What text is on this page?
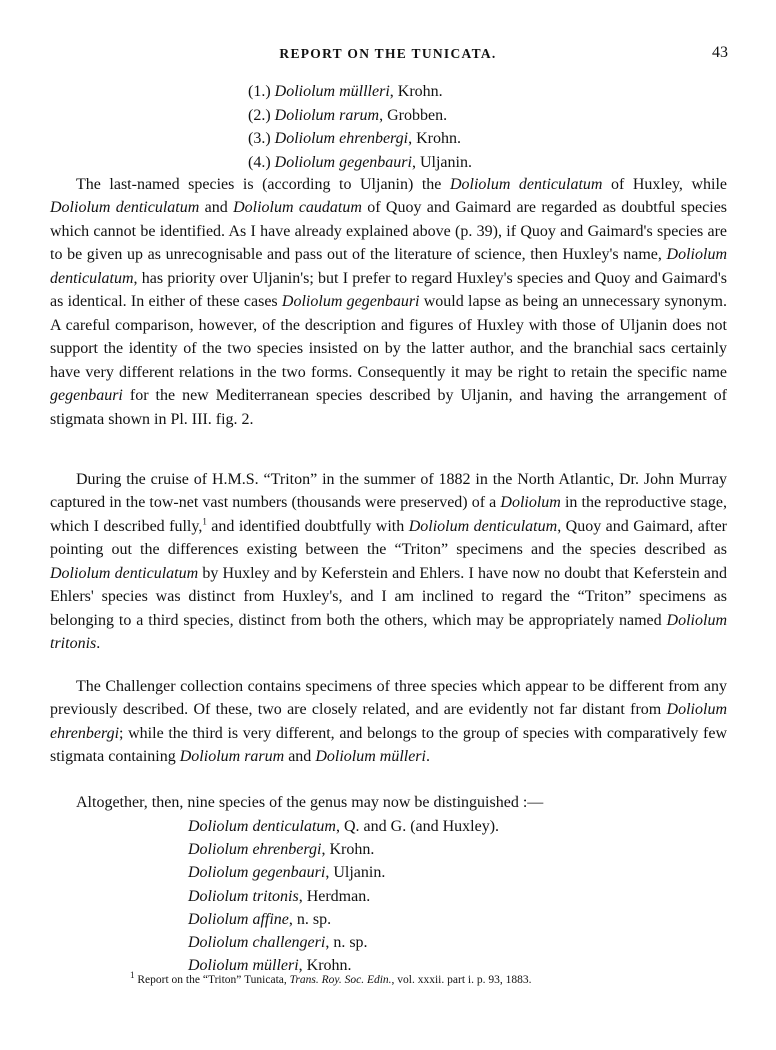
REPORT ON THE TUNICATA.	43
(1.) Doliolum müllleri, Krohn.
(2.) Doliolum rarum, Grobben.
(3.) Doliolum ehrenbergi, Krohn.
(4.) Doliolum gegenbauri, Uljanin.

The last-named species is (according to Uljanin) the Doliolum denticulatum of Huxley, while Doliolum denticulatum and Doliolum caudatum of Quoy and Gaimard are regarded as doubtful species which cannot be identified. As I have already explained above (p. 39), if Quoy and Gaimard's species are to be given up as unrecognisable and pass out of the literature of science, then Huxley's name, Doliolum denticulatum, has priority over Uljanin's; but I prefer to regard Huxley's species and Quoy and Gaimard's as identical. In either of these cases Doliolum gegenbauri would lapse as being an unnecessary synonym. A careful comparison, however, of the description and figures of Huxley with those of Uljanin does not support the identity of the two species insisted on by the latter author, and the branchial sacs certainly have very different relations in the two forms. Consequently it may be right to retain the specific name gegenbauri for the new Mediterranean species described by Uljanin, and having the arrangement of stigmata shown in Pl. III. fig. 2.

During the cruise of H.M.S. “Triton” in the summer of 1882 in the North Atlantic, Dr. John Murray captured in the tow-net vast numbers (thousands were preserved) of a Doliolum in the reproductive stage, which I described fully,$^1$ and identified doubtfully with Doliolum denticulatum, Quoy and Gaimard, after pointing out the differences existing between the “Triton” specimens and the species described as Doliolum denticulatum by Huxley and by Keferstein and Ehlers. I have now no doubt that Keferstein and Ehlers' species was distinct from Huxley's, and I am inclined to regard the “Triton” specimens as belonging to a third species, distinct from both the others, which may be appropriately named Doliolum tritonis.

The Challenger collection contains specimens of three species which appear to be different from any previously described. Of these, two are closely related, and are evidently not far distant from Doliolum ehrenbergi; while the third is very different, and belongs to the group of species with comparatively few stigmata containing Doliolum rarum and Doliolum mülleri.

Altogether, then, nine species of the genus may now be distinguished :—

Doliolum denticulatum, Q. and G. (and Huxley).
Doliolum ehrenbergi, Krohn.
Doliolum gegenbauri, Uljanin.
Doliolum tritonis, Herdman.
Doliolum affine, n. sp.
Doliolum challengeri, n. sp.
Doliolum mülleri, Krohn.
$^1$ Report on the “Triton” Tunicata, Trans. Roy. Soc. Edin., vol. xxxii. part i. p. 93, 1883.
